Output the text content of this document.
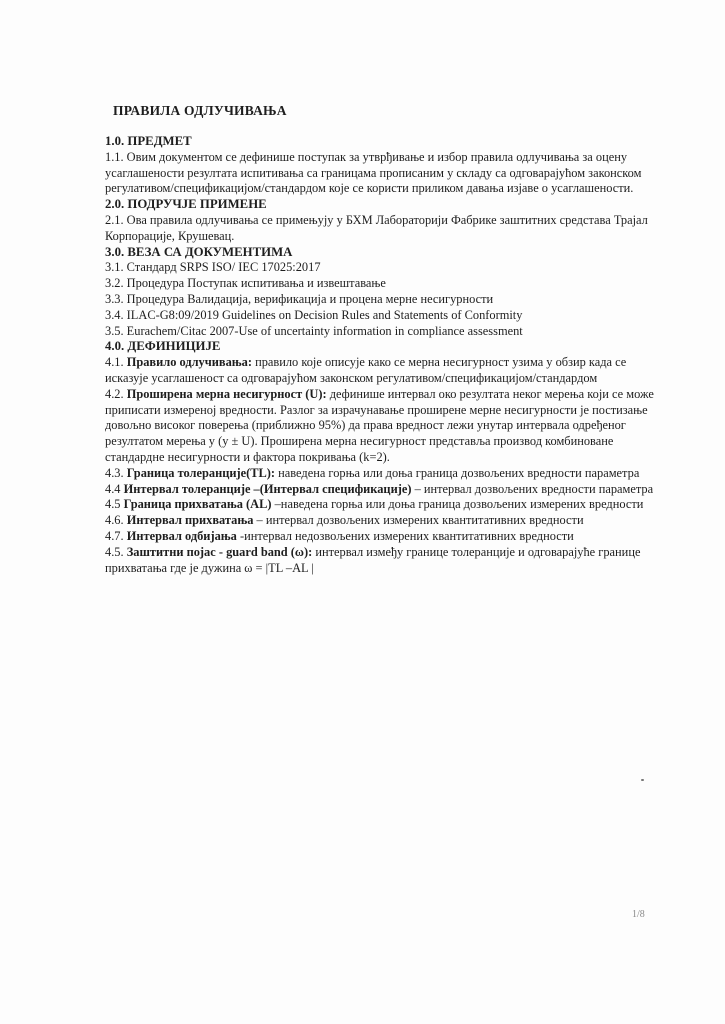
ПРАВИЛА ОДЛУЧИВАЊА
1.0. ПРЕДМЕТ

1.1. Овим документом се дефинише поступак за утврђивање и избор правила одлучивања за оцену усаглашености резултата испитивања са границама прописаним у складу са одговарајућом законском регулативом/спецификацијом/стандардом које се користи приликом давања изјаве о усаглашености.

2.0. ПОДРУЧЈЕ ПРИМЕНЕ

2.1. Ова правила одлучивања се примењују у БХМ Лабораторији Фабрике заштитних средстава Трајал Корпорације, Крушевац.

3.0. ВЕЗА СА ДОКУМЕНТИМА

3.1. Стандард SRPS ISO/ IEC 17025:2017

3.2. Процедура Поступак испитивања и извештавање

3.3. Процедура Валидација, верификација и процена мерне несигурности

3.4. ILAC-G8:09/2019 Guidelines on Decision Rules and Statements of Conformity

3.5. Eurachem/Citac 2007-Use of uncertainty information in compliance assessment

4.0. ДЕФИНИЦИЈЕ

4.1. Правило одлучивања: правило које описује како се мерна несигурност узима у обзир када се исказује усаглашеност са одговарајућом законском регулативом/спецификацијом/стандардом

4.2. Проширена мерна несигурност (U): дефинише интервал око резултата неког мерења који се може приписати измереној вредности. Разлог за израчунавање проширене мерне несигурности је постизање довољно високог поверења (приближно 95%) да права вредност лежи унутар интервала одређеног резултатом мерења у (y ± U). Проширена мерна несигурност представља производ комбиноване стандардне несигурности и фактора покривања (k=2).

4.3. Граница толеранције(TL): наведена горња или доња граница дозвољених вредности параметра

4.4 Интервал толеранције –(Интервал спецификације) – интервал дозвољених вредности параметра

4.5 Граница прихватања (AL) –наведена горња или доња граница дозвољених измерених вредности

4.6. Интервал прихватања – интервал дозвољених измерених квантитативних вредности

4.7. Интервал одбијања -интервал недозвољених измерених квантитативних вредности

4.5. Заштитни појас - guard band (ω): интервал између границе толеранције и одговарајуће границе прихватања где је дужина ω = |TL –AL |

1/8
